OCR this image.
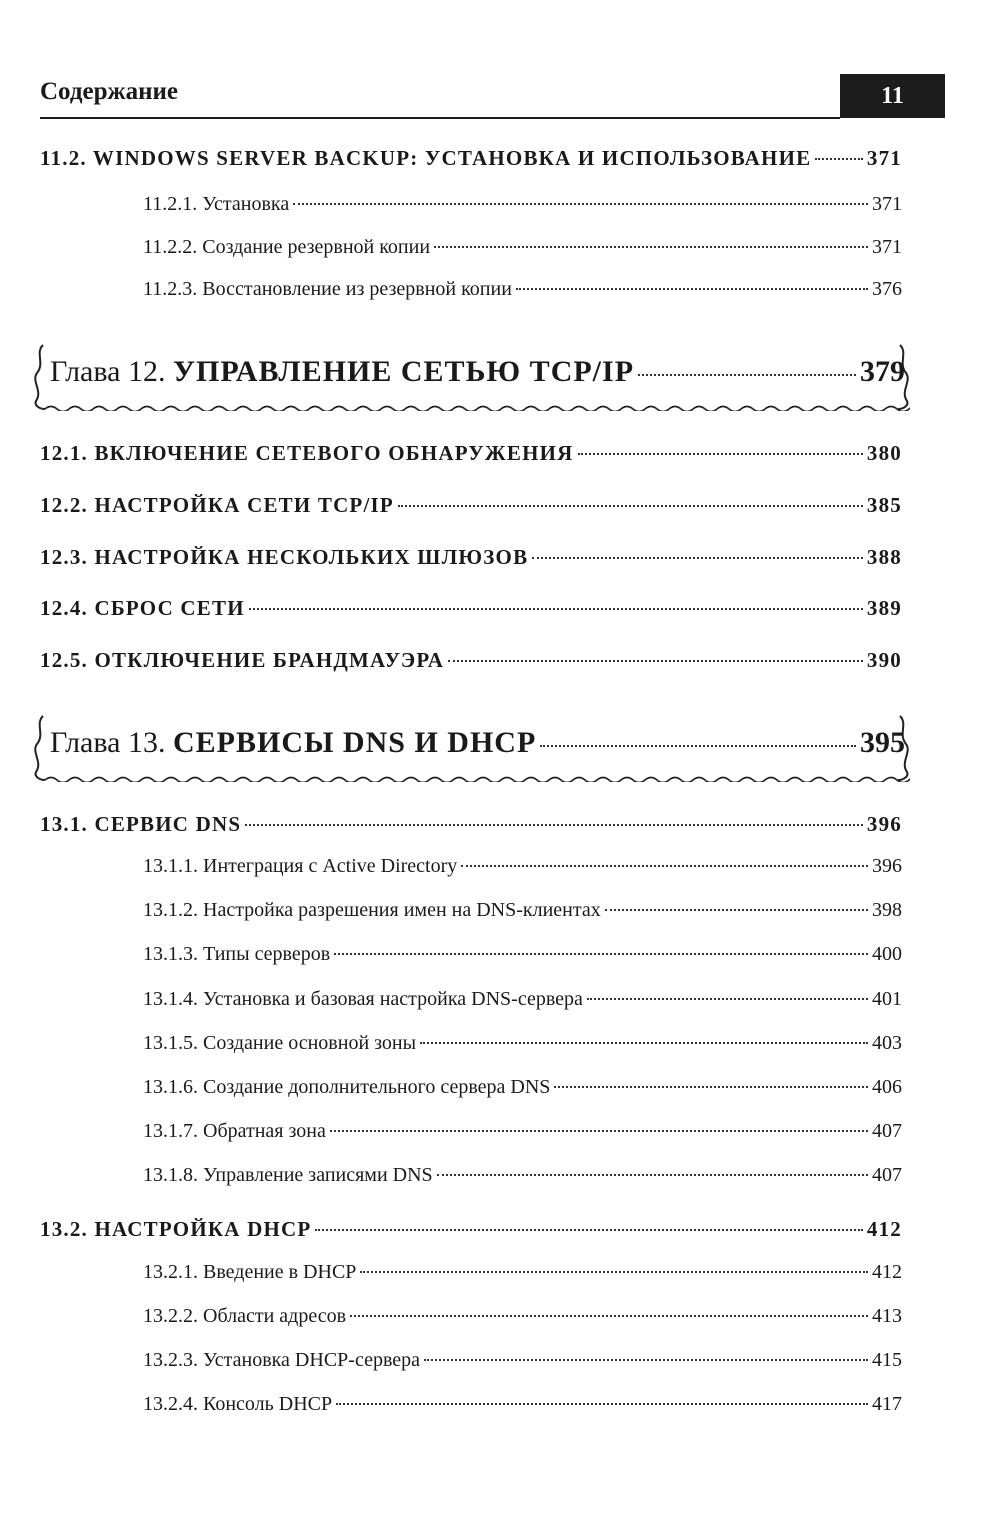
Содержание	11
11.2. WINDOWS SERVER BACKUP: УСТАНОВКА И ИСПОЛЬЗОВАНИЕ	371
11.2.1. Установка	371
11.2.2. Создание резервной копии	371
11.2.3. Восстановление из резервной копии	376
Глава 12. УПРАВЛЕНИЕ СЕТЬЮ TCP/IP	379
12.1. ВКЛЮЧЕНИЕ СЕТЕВОГО ОБНАРУЖЕНИЯ	380
12.2. НАСТРОЙКА СЕТИ TCP/IP	385
12.3. НАСТРОЙКА НЕСКОЛЬКИХ ШЛЮЗОВ	388
12.4. СБРОС СЕТИ	389
12.5. ОТКЛЮЧЕНИЕ БРАНДМАУЭРА	390
Глава 13. СЕРВИСЫ DNS И DHCP	395
13.1. СЕРВИС DNS	396
13.1.1. Интеграция с Active Directory	396
13.1.2. Настройка разрешения имен на DNS-клиентах	398
13.1.3. Типы серверов	400
13.1.4. Установка и базовая настройка DNS-сервера	401
13.1.5. Создание основной зоны	403
13.1.6. Создание дополнительного сервера DNS	406
13.1.7. Обратная зона	407
13.1.8. Управление записями DNS	407
13.2. НАСТРОЙКА DHCP	412
13.2.1. Введение в DHCP	412
13.2.2. Области адресов	413
13.2.3. Установка DHCP-сервера	415
13.2.4. Консоль DHCP	417
